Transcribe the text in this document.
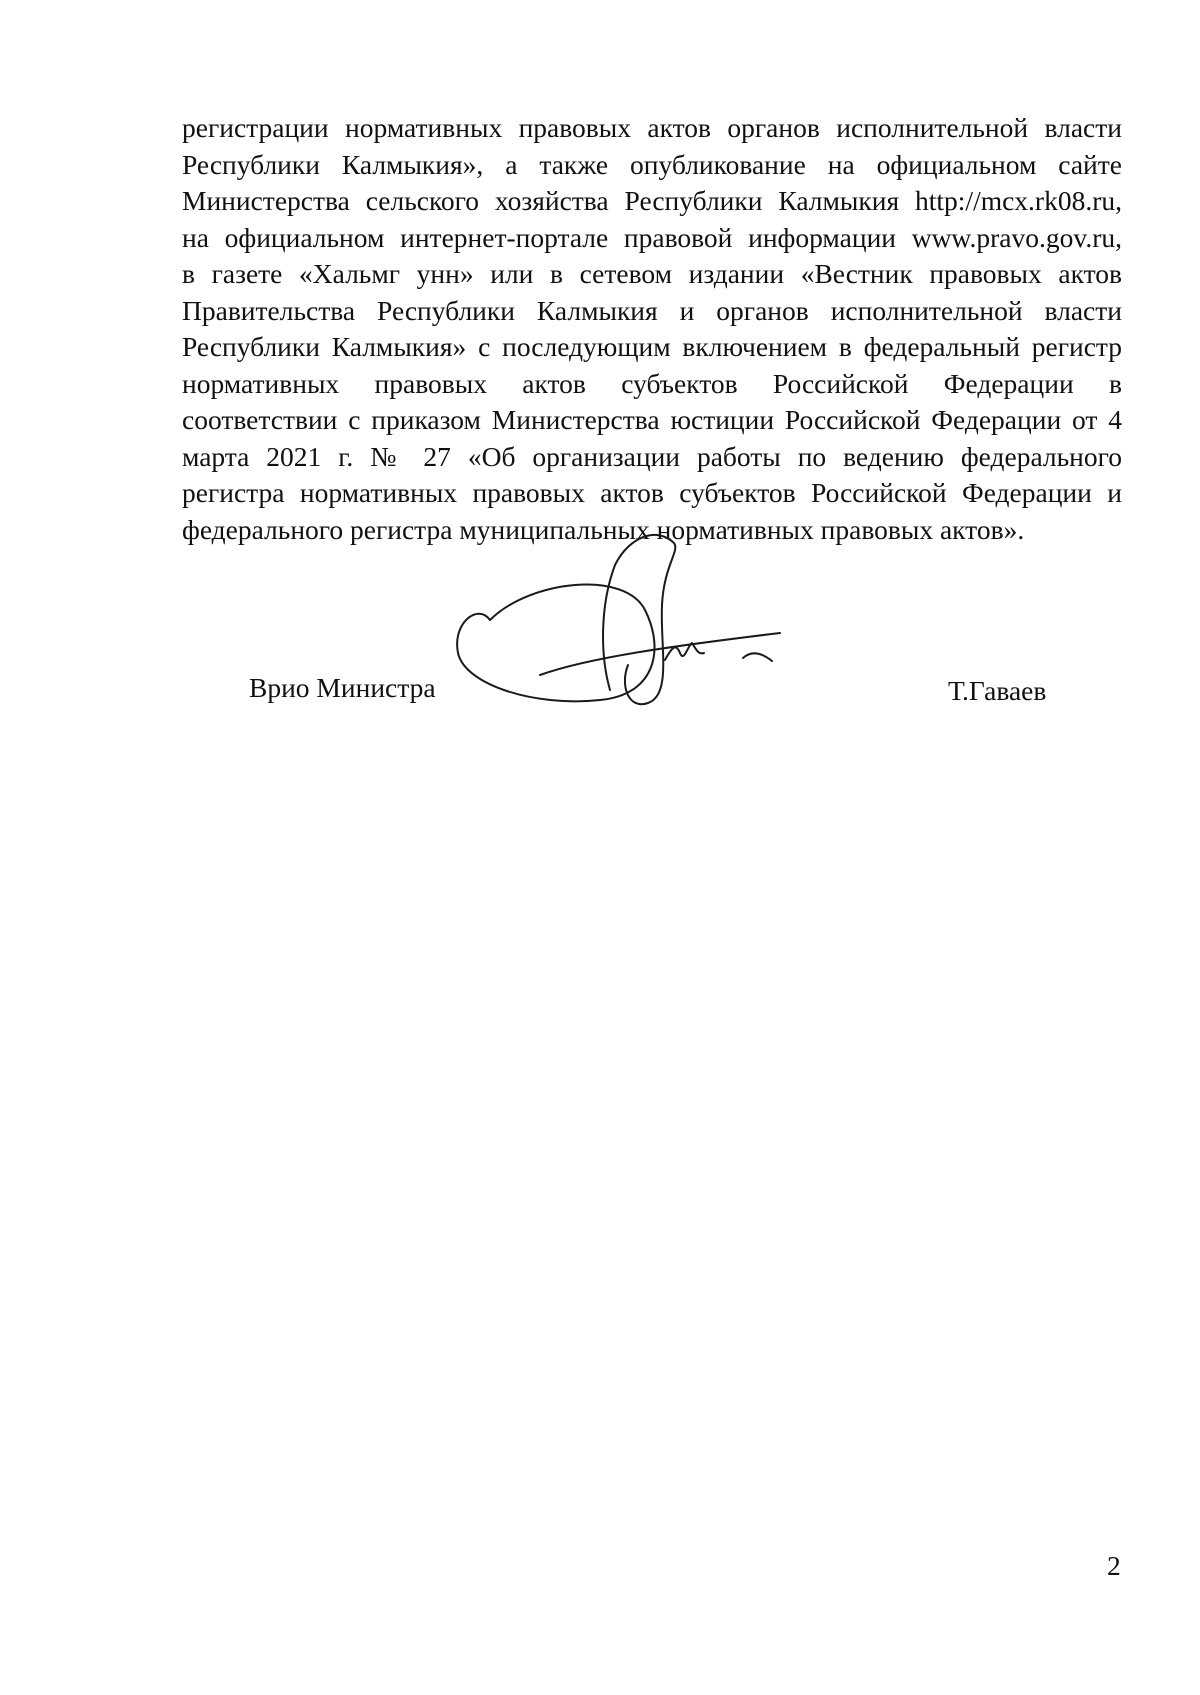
регистрации нормативных правовых актов органов исполнительной власти
Республики Калмыкия», а также опубликование на официальном сайте
Министерства сельского хозяйства Республики Калмыкия http://mcx.rk08.ru,
на официальном интернет-портале правовой информации www.pravo.gov.ru,
в газете «Хальмг унн» или в сетевом издании «Вестник правовых актов
Правительства Республики Калмыкия и органов исполнительной власти
Республики Калмыкия» с последующим включением в федеральный регистр
нормативных правовых актов субъектов Российской Федерации в
соответствии с приказом Министерства юстиции Российской Федерации от 4
марта 2021 г. № 27 «Об организации работы по ведению федерального
регистра нормативных правовых актов субъектов Российской Федерации и
федерального регистра муниципальных нормативных правовых актов».
Врио Министра	Т.Гаваев
2
